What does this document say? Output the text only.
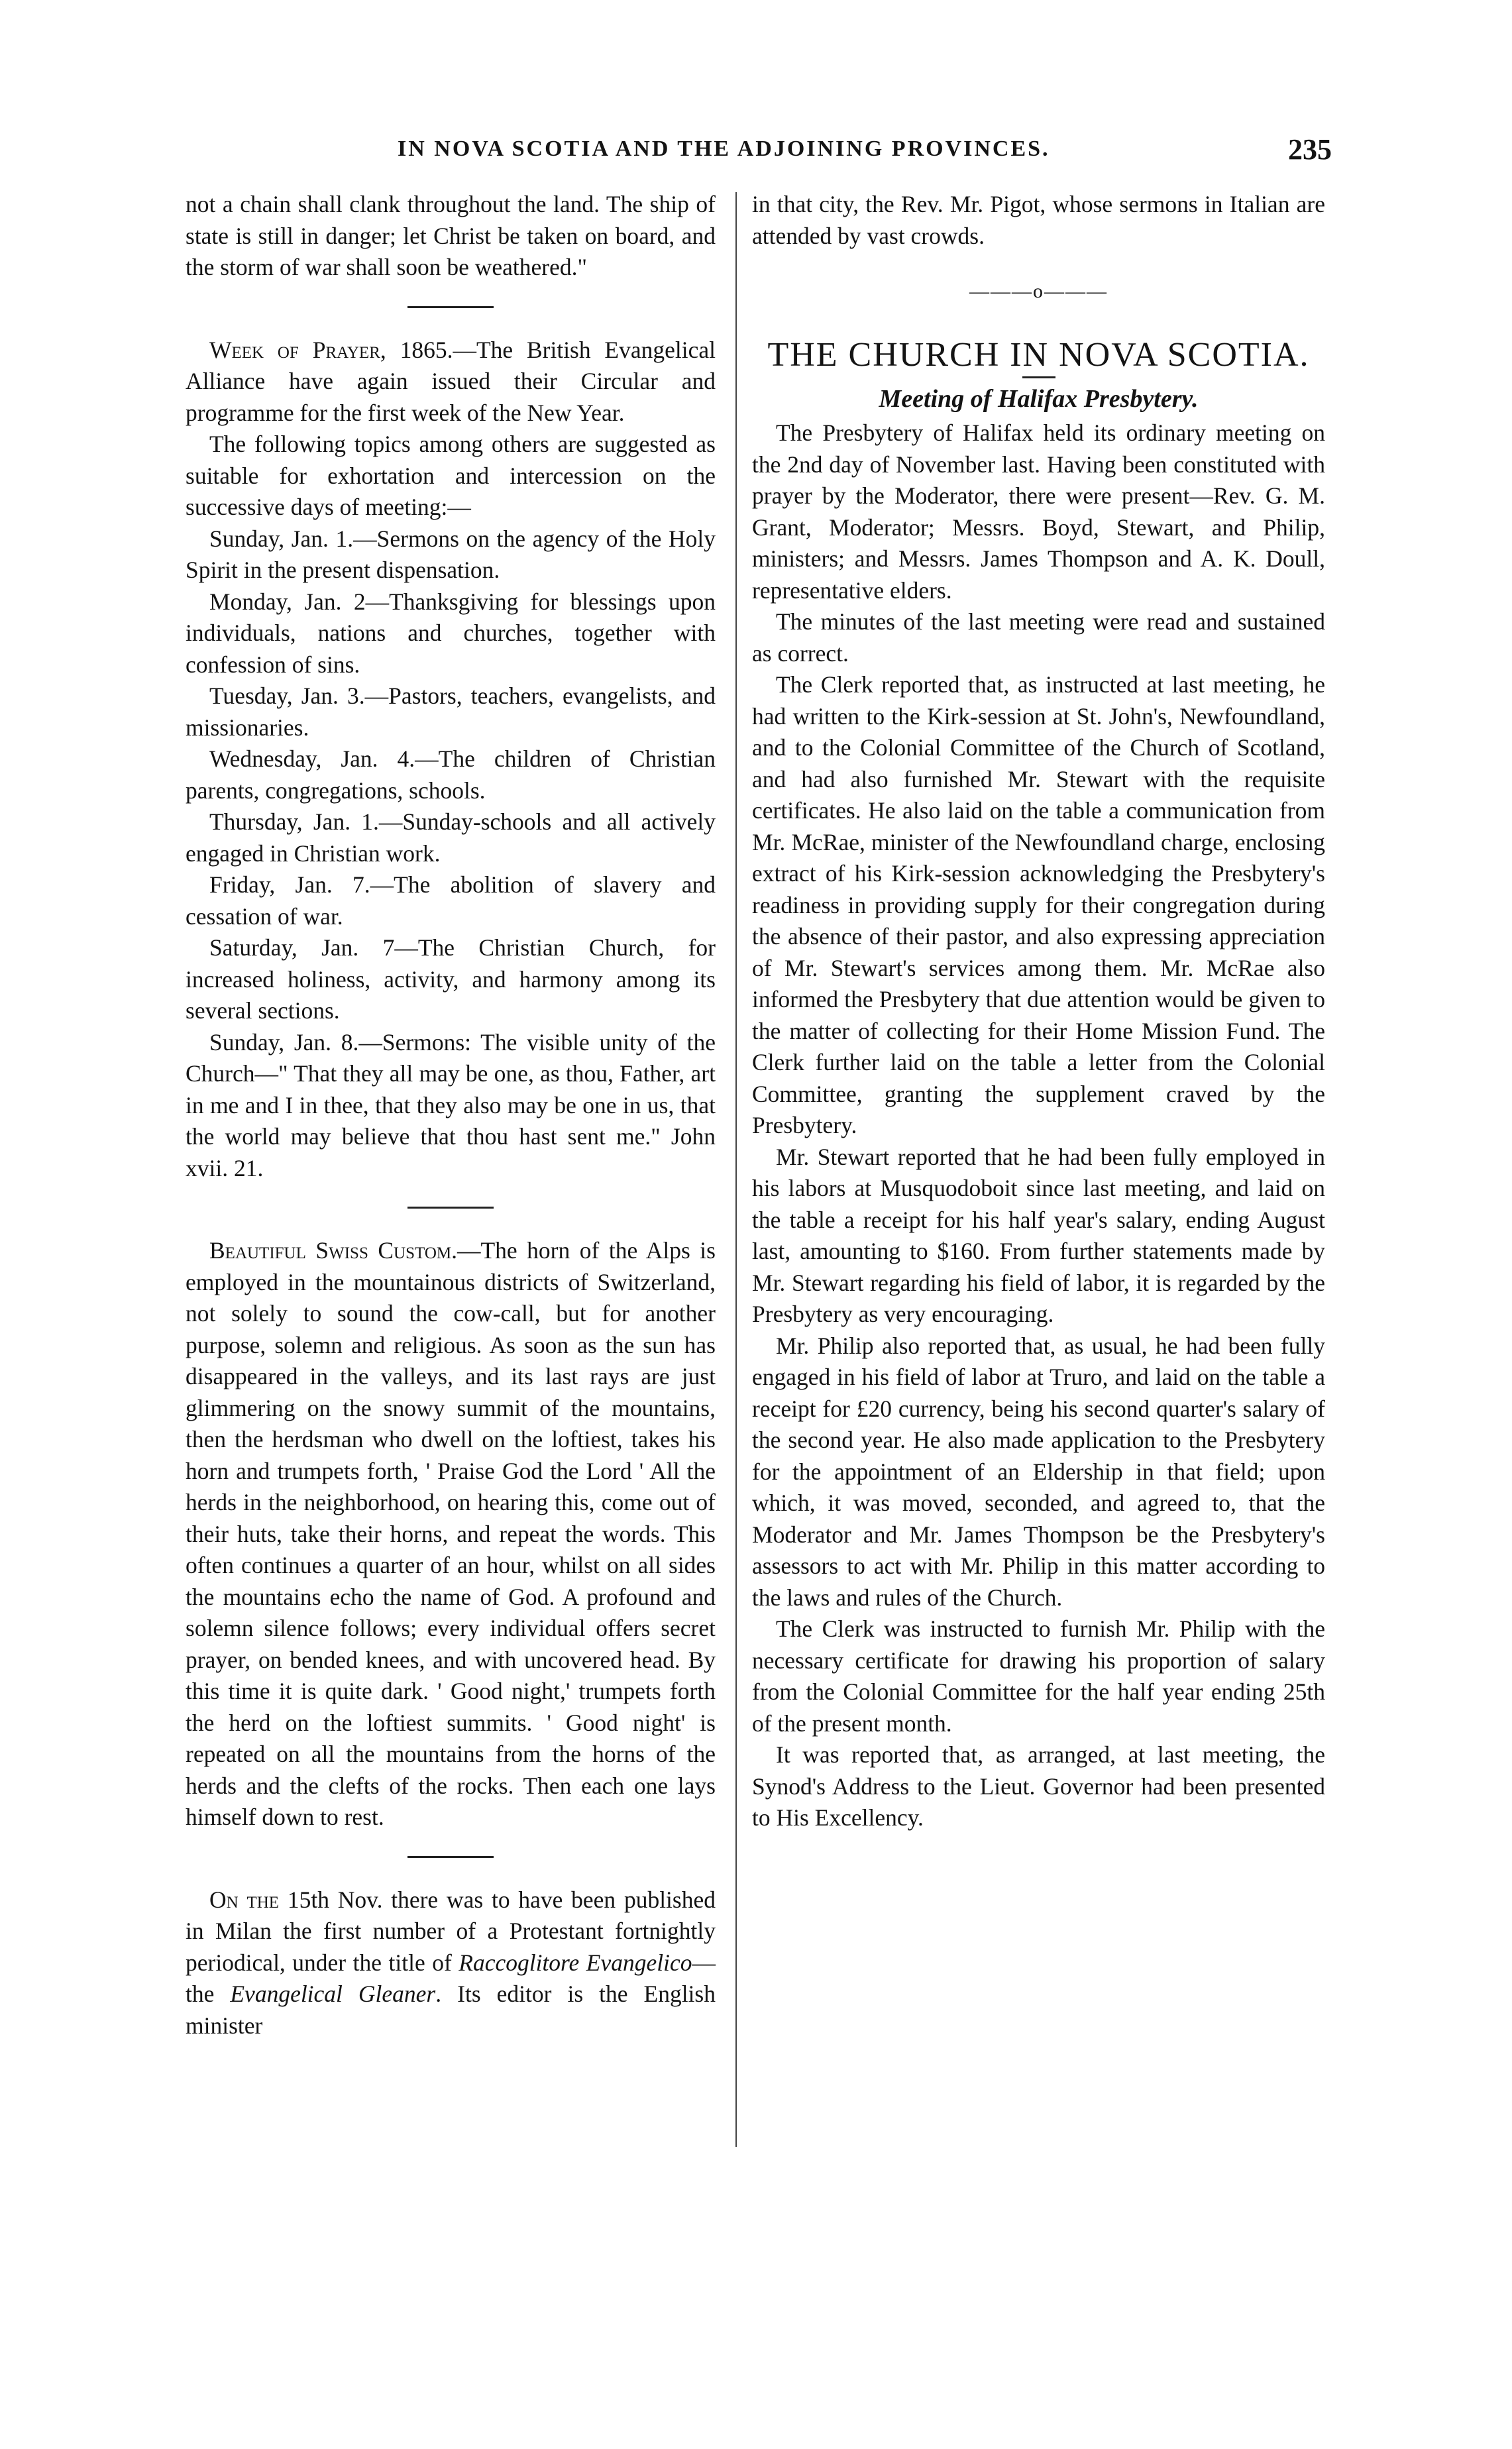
IN NOVA SCOTIA AND THE ADJOINING PROVINCES.	235

not a chain shall clank throughout the land. The ship of state is still in danger; let Christ be taken on board, and the storm of war shall soon be weathered."

Week of Prayer, 1865.—The British Evangelical Alliance have again issued their Circular and programme for the first week of the New Year.

The following topics among others are suggested as suitable for exhortation and intercession on the successive days of meeting:—

Sunday, Jan. 1.—Sermons on the agency of the Holy Spirit in the present dispensation.

Monday, Jan. 2—Thanksgiving for blessings upon individuals, nations and churches, together with confession of sins.

Tuesday, Jan. 3.—Pastors, teachers, evangelists, and missionaries.

Wednesday, Jan. 4.—The children of Christian parents, congregations, schools.

Thursday, Jan. 1.—Sunday-schools and all actively engaged in Christian work.

Friday, Jan. 7.—The abolition of slavery and cessation of war.

Saturday, Jan. 7—The Christian Church, for increased holiness, activity, and harmony among its several sections.

Sunday, Jan. 8.—Sermons: The visible unity of the Church—" That they all may be one, as thou, Father, art in me and I in thee, that they also may be one in us, that the world may believe that thou hast sent me." John xvii. 21.

Beautiful Swiss Custom.—The horn of the Alps is employed in the mountainous districts of Switzerland, not solely to sound the cow-call, but for another purpose, solemn and religious. As soon as the sun has disappeared in the valleys, and its last rays are just glimmering on the snowy summit of the mountains, then the herdsman who dwell on the loftiest, takes his horn and trumpets forth, ' Praise God the Lord ' All the herds in the neighborhood, on hearing this, come out of their huts, take their horns, and repeat the words. This often continues a quarter of an hour, whilst on all sides the mountains echo the name of God. A profound and solemn silence follows; every individual offers secret prayer, on bended knees, and with uncovered head. By this time it is quite dark. ' Good night,' trumpets forth the herd on the loftiest summits. ' Good night' is repeated on all the mountains from the horns of the herds and the clefts of the rocks. Then each one lays himself down to rest.

On the 15th Nov. there was to have been published in Milan the first number of a Protestant fortnightly periodical, under the title of Raccoglitore Evangelico—the Evangelical Gleaner. Its editor is the English minister

in that city, the Rev. Mr. Pigot, whose sermons in Italian are attended by vast crowds.

———o———
THE CHURCH IN NOVA SCOTIA.
Meeting of Halifax Presbytery.

The Presbytery of Halifax held its ordinary meeting on the 2nd day of November last. Having been constituted with prayer by the Moderator, there were present—Rev. G. M. Grant, Moderator; Messrs. Boyd, Stewart, and Philip, ministers; and Messrs. James Thompson and A. K. Doull, representative elders.

The minutes of the last meeting were read and sustained as correct.

The Clerk reported that, as instructed at last meeting, he had written to the Kirk-session at St. John's, Newfoundland, and to the Colonial Committee of the Church of Scotland, and had also furnished Mr. Stewart with the requisite certificates. He also laid on the table a communication from Mr. McRae, minister of the Newfoundland charge, enclosing extract of his Kirk-session acknowledging the Presbytery's readiness in providing supply for their congregation during the absence of their pastor, and also expressing appreciation of Mr. Stewart's services among them. Mr. McRae also informed the Presbytery that due attention would be given to the matter of collecting for their Home Mission Fund. The Clerk further laid on the table a letter from the Colonial Committee, granting the supplement craved by the Presbytery.

Mr. Stewart reported that he had been fully employed in his labors at Musquodoboit since last meeting, and laid on the table a receipt for his half year's salary, ending August last, amounting to $160. From further statements made by Mr. Stewart regarding his field of labor, it is regarded by the Presbytery as very encouraging.

Mr. Philip also reported that, as usual, he had been fully engaged in his field of labor at Truro, and laid on the table a receipt for £20 currency, being his second quarter's salary of the second year. He also made application to the Presbytery for the appointment of an Eldership in that field; upon which, it was moved, seconded, and agreed to, that the Moderator and Mr. James Thompson be the Presbytery's assessors to act with Mr. Philip in this matter according to the laws and rules of the Church.

The Clerk was instructed to furnish Mr. Philip with the necessary certificate for drawing his proportion of salary from the Colonial Committee for the half year ending 25th of the present month.

It was reported that, as arranged, at last meeting, the Synod's Address to the Lieut. Governor had been presented to His Excellency.
